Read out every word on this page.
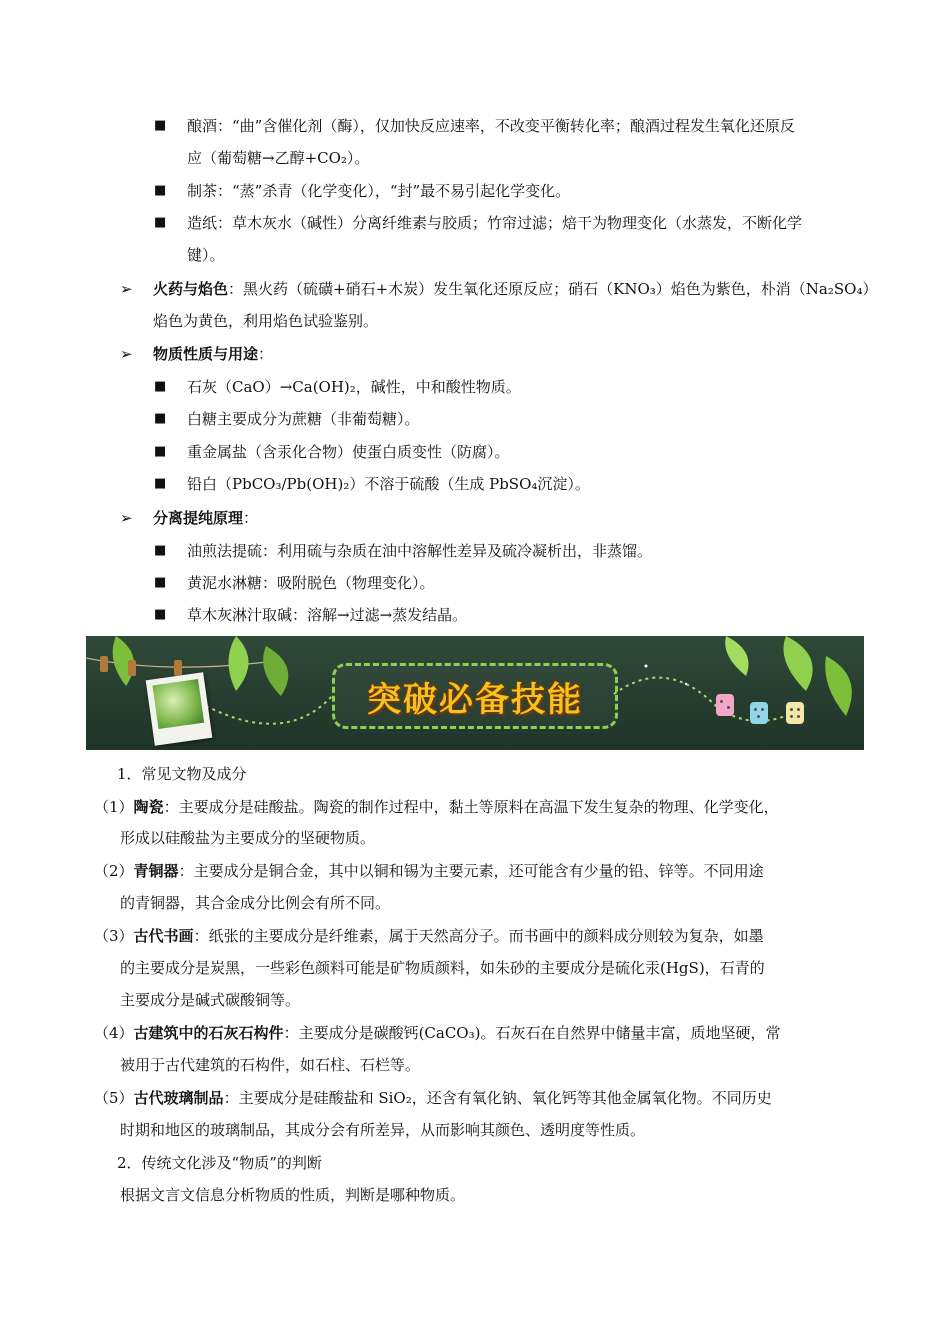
■ 酿酒：“曲”含催化剂（酶），仅加快反应速率，不改变平衡转化率；酿酒过程发生氧化还原反
应（葡萄糖→乙醇+CO₂）。
■ 制茶：“蒸”杀青（化学变化），“封”最不易引起化学变化。
■ 造纸：草木灰水（碱性）分离纤维素与胶质；竹帘过滤；焙干为物理变化（水蒸发，不断化学
键）。
➢ 火药与焰色：黑火药（硫磺+硝石+木炭）发生氧化还原反应；硝石（KNO₃）焰色为紫色，朴消（Na₂SO₄）
焰色为黄色，利用焰色试验鉴别。
➢ 物质性质与用途：
■ 石灰（CaO）→Ca(OH)₂，碱性，中和酸性物质。
■ 白糖主要成分为蔗糖（非葡萄糖）。
■ 重金属盐（含汞化合物）使蛋白质变性（防腐）。
■ 铅白（PbCO₃/Pb(OH)₂）不溶于硫酸（生成 PbSO₄沉淀）。
➢ 分离提纯原理：
■ 油煎法提硫：利用硫与杂质在油中溶解性差异及硫冷凝析出，非蒸馏。
■ 黄泥水淋糖：吸附脱色（物理变化）。
■ 草木灰淋汁取碱：溶解→过滤→蒸发结晶。
突破必备技能
1．常见文物及成分
（1）陶瓷：主要成分是硅酸盐。陶瓷的制作过程中，黏土等原料在高温下发生复杂的物理、化学变化，
形成以硅酸盐为主要成分的坚硬物质。
（2）青铜器：主要成分是铜合金，其中以铜和锡为主要元素，还可能含有少量的铅、锌等。不同用途
的青铜器，其合金成分比例会有所不同。
（3）古代书画：纸张的主要成分是纤维素，属于天然高分子。而书画中的颜料成分则较为复杂，如墨
的主要成分是炭黑，一些彩色颜料可能是矿物质颜料，如朱砂的主要成分是硫化汞(HgS)，石青的
主要成分是碱式碳酸铜等。
（4）古建筑中的石灰石构件：主要成分是碳酸钙(CaCO₃)。石灰石在自然界中储量丰富，质地坚硬，常
被用于古代建筑的石构件，如石柱、石栏等。
（5）古代玻璃制品：主要成分是硅酸盐和 SiO₂，还含有氧化钠、氧化钙等其他金属氧化物。不同历史
时期和地区的玻璃制品，其成分会有所差异，从而影响其颜色、透明度等性质。
2．传统文化涉及“物质”的判断
根据文言文信息分析物质的性质，判断是哪种物质。
